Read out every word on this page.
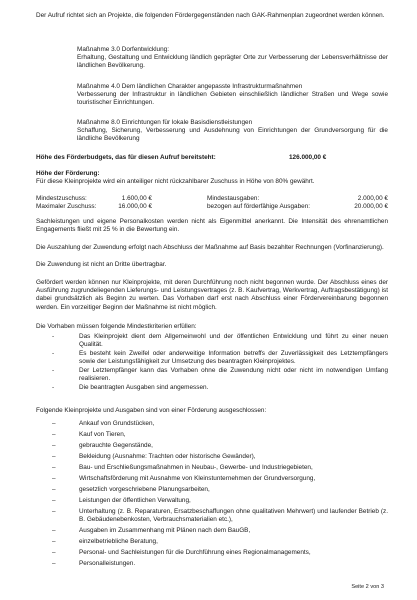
Der Aufruf richtet sich an Projekte, die folgenden Fördergegenständen nach GAK-Rahmenplan zugeordnet werden können.
Maßnahme 3.0 Dorfentwicklung:
Erhaltung, Gestaltung und Entwicklung ländlich geprägter Orte zur Verbesserung der Lebensverhältnisse der ländlichen Bevölkerung.
Maßnahme 4.0 Dem ländlichen Charakter angepasste Infrastrukturmaßnahmen
Verbesserung der Infrastruktur in ländlichen Gebieten einschließlich ländlicher Straßen und Wege sowie touristischer Einrichtungen.
Maßnahme 8.0 Einrichtungen für lokale Basisdienstleistungen
Schaffung, Sicherung, Verbesserung und Ausdehnung von Einrichtungen der Grundversorgung für die ländliche Bevölkerung
Höhe des Förderbudgets, das für diesen Aufruf bereitsteht:	126.000,00 €
Höhe der Förderung:
Für diese Kleinprojekte wird ein anteiliger nicht rückzahlbarer Zuschuss in Höhe von 80% gewährt.
Mindestzuschuss:	1.600,00 €	Mindestausgaben:	2.000,00 €
Maximaler Zuschuss:	16.000,00 €	bezogen auf förderfähige Ausgaben:	20.000,00 €
Sachleistungen und eigene Personalkosten werden nicht als Eigenmittel anerkannt. Die Intensität des ehrenamtlichen Engagements fließt mit 25 % in die Bewertung ein.
Die Auszahlung der Zuwendung erfolgt nach Abschluss der Maßnahme auf Basis bezahlter Rechnungen (Vorfinanzierung).
Die Zuwendung ist nicht an Dritte übertragbar.
Gefördert werden können nur Kleinprojekte, mit deren Durchführung noch nicht begonnen wurde. Der Abschluss eines der Ausführung zugrundeliegenden Lieferungs- und Leistungsvertrages (z. B. Kaufvertrag, Werkvertrag, Auftragsbestätigung) ist dabei grundsätzlich als Beginn zu werten. Das Vorhaben darf erst nach Abschluss einer Fördervereinbarung begonnen werden. Ein vorzeitiger Beginn der Maßnahme ist nicht möglich.
Die Vorhaben müssen folgende Mindestkriterien erfüllen:
-	Das Kleinprojekt dient dem Allgemeinwohl und der öffentlichen Entwicklung und führt zu einer neuen Qualität.
-	Es besteht kein Zweifel oder anderweitige Information betreffs der Zuverlässigkeit des Letztempfängers sowie der Leistungsfähigkeit zur Umsetzung des beantragten Kleinprojektes.
-	Der Letztempfänger kann das Vorhaben ohne die Zuwendung nicht oder nicht im notwendigen Umfang realisieren.
-	Die beantragten Ausgaben sind angemessen.
Folgende Kleinprojekte und Ausgaben sind von einer Förderung ausgeschlossen:
–	Ankauf von Grundstücken,
–	Kauf von Tieren,
–	gebrauchte Gegenstände,
–	Bekleidung (Ausnahme: Trachten oder historische Gewänder),
–	Bau- und Erschließungsmaßnahmen in Neubau-, Gewerbe- und Industriegebieten,
–	Wirtschaftsförderung mit Ausnahme von Kleinstunternehmen der Grundversorgung,
–	gesetzlich vorgeschriebene Planungsarbeiten,
–	Leistungen der öffentlichen Verwaltung,
–	Unterhaltung (z. B. Reparaturen, Ersatzbeschaffungen ohne qualitativen Mehrwert) und laufender Betrieb (z. B. Gebäudenebenkosten, Verbrauchsmaterialien etc.),
–	Ausgaben im Zusammenhang mit Plänen nach dem BauGB,
–	einzelbetriebliche Beratung,
–	Personal- und Sachleistungen für die Durchführung eines Regionalmanagements,
–	Personalleistungen.
Seite 2 von 3
